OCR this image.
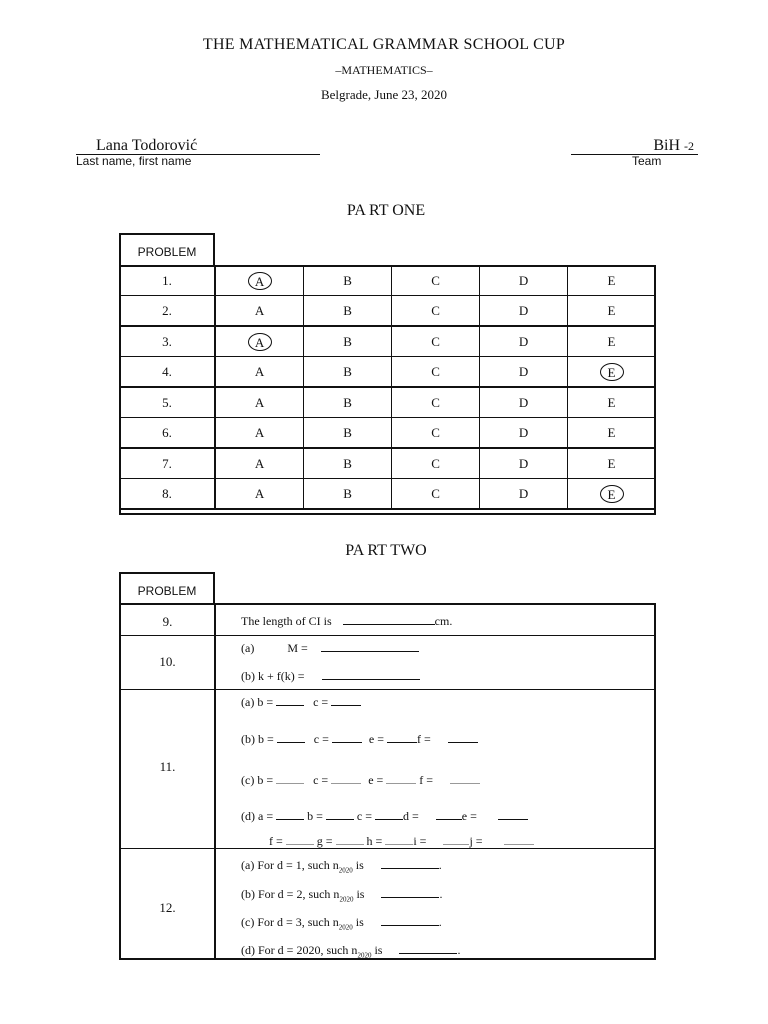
THE MATHEMATICAL GRAMMAR SCHOOL CUP
–MATHEMATICS–
Belgrade, June 23, 2020
Lana Todorović
Last name, first name
BiH -2
Team
PA RT ONE
PROBLEM
1.	A	B	C	D	E
2.	A	B	C	D	E
3.	A	B	C	D	E
4.	A	B	C	D	E
5.	A	B	C	D	E
6.	A	B	C	D	E
7.	A	B	C	D	E
8.	A	B	C	D	E
PA RT TWO
PROBLEM
9.	The length of CI is	cm.
10.
(a)	M =
(b) k + f(k) =
11.
(a) b =	c =
(b) b =	c =	e =	f =
(c) b =	c =	e =	f =
(d) a =	b =	c =	d =	e =
f =	g =	h =	i =	j =
12.
(a) For d = 1, such $n_{2020}$ is	.
(b) For d = 2, such $n_{2020}$ is	.
(c) For d = 3, such $n_{2020}$ is	.
(d) For d = 2020, such $n_{2020}$ is	.
